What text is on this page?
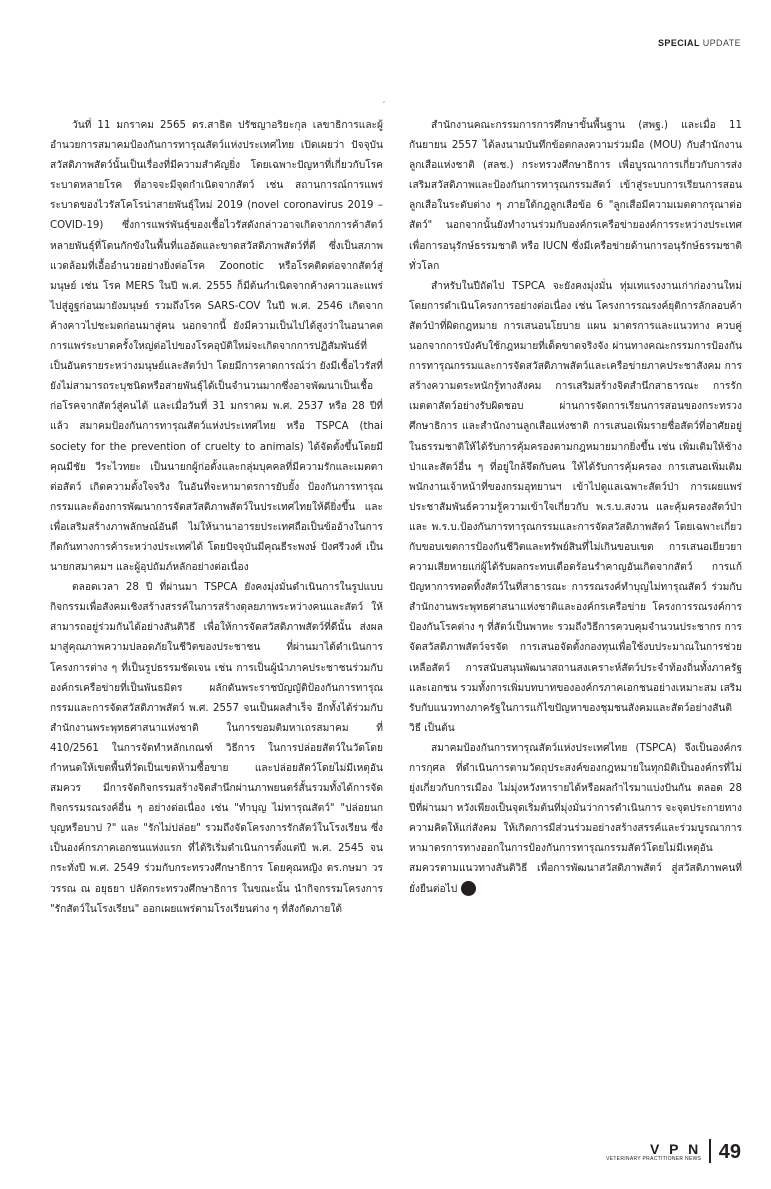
SPECIAL UPDATE
′

วันที่ 11 มกราคม 2565 ดร.สาธิต ปรัชญาอริยะกุล เลขาธิการและผู้อำนวยการสมาคมป้องกันการทารุณสัตว์แห่งประเทศไทย เปิดเผยว่า ปัจจุบันสวัสดิภาพสัตว์นั้นเป็นเรื่องที่มีความสำคัญยิ่ง โดยเฉพาะปัญหาที่เกี่ยวกับโรคระบาดหลายโรค ที่อาจจะมีจุดกำเนิดจากสัตว์ เช่น สถานการณ์การแพร่ระบาดของไวรัสโคโรน่าสายพันธุ์ใหม่ 2019 (novel coronavirus 2019 – COVID-19) ซึ่งการแพร่พันธุ์ของเชื้อไวรัสดังกล่าวอาจเกิดจากการค้าสัตว์หลายพันธุ์ที่โดนกักขังในพื้นที่แออัดและขาดสวัสดิภาพสัตว์ที่ดี ซึ่งเป็นสภาพแวดล้อมที่เอื้ออำนวยอย่างยิ่งต่อโรค Zoonotic หรือโรคติดต่อจากสัตว์สู่มนุษย์ เช่น โรค MERS ในปี พ.ศ. 2555 ก็มีต้นกำเนิดจากค้างคาวและแพร่ไปสู่อูฐก่อนมายังมนุษย์ รวมถึงโรค SARS-COV ในปี พ.ศ. 2546 เกิดจากค้างคาวไปชะมดก่อนมาสู่คน นอกจากนี้ ยังมีความเป็นไปได้สูงว่าในอนาคตการแพร่ระบาดครั้งใหญ่ต่อไปของโรคอุบัติใหม่จะเกิดจากการปฏิสัมพันธ์ที่เป็นอันตรายระหว่างมนุษย์และสัตว์ป่า โดยมีการคาดการณ์ว่า ยังมีเชื้อไวรัสที่ยังไม่สามารถระบุชนิดหรือสายพันธุ์ได้เป็นจำนวนมากซึ่งอาจพัฒนาเป็นเชื้อก่อโรคจากสัตว์สู่คนได้ และเมื่อวันที่ 31 มกราคม พ.ศ. 2537 หรือ 28 ปีที่แล้ว สมาคมป้องกันการทารุณสัตว์แห่งประเทศไทย หรือ TSPCA (thai society for the prevention of cruelty to animals) ได้จัดตั้งขึ้นโดยมีคุณมีชัย วีระไวทยะ เป็นนายกผู้ก่อตั้งและกลุ่มบุคคลที่มีความรักและเมตตาต่อสัตว์ เกิดความตั้งใจจริง ในอันที่จะหามาตรการยับยั้ง ป้องกันการทารุณกรรมและต้องการพัฒนาการจัดสวัสดิภาพสัตว์ในประเทศไทยให้ดียิ่งขึ้น และเพื่อเสริมสร้างภาพลักษณ์อันดี ไม่ให้นานาอารยประเทศถือเป็นข้ออ้างในการกีดกันทางการค้าระหว่างประเทศได้ โดยปัจจุบันมีคุณธีระพงษ์ ปังศรีวงศ์ เป็นนายกสมาคมฯ และผู้อุปถัมภ์หลักอย่างต่อเนื่อง

ตลอดเวลา 28 ปี ที่ผ่านมา TSPCA ยังคงมุ่งมั่นดำเนินการในรูปแบบกิจกรรมเพื่อสังคมเชิงสร้างสรรค์ในการสร้างดุลยภาพระหว่างคนและสัตว์ ให้สามารถอยู่ร่วมกันได้อย่างสันติวิธี เพื่อให้การจัดสวัสดิภาพสัตว์ที่ดีนั้น ส่งผลมาสู่คุณภาพความปลอดภัยในชีวิตของประชาชน ที่ผ่านมาได้ดำเนินการโครงการต่าง ๆ ที่เป็นรูปธรรมชัดเจน เช่น การเป็นผู้นำภาคประชาชนร่วมกับองค์กรเครือข่ายที่เป็นพันธมิตร ผลักดันพระราชบัญญัติป้องกันการทารุณกรรมและการจัดสวัสดิภาพสัตว์ พ.ศ. 2557 จนเป็นผลสำเร็จ อีกทั้งได้ร่วมกับสำนักงานพระพุทธศาสนาแห่งชาติ ในการขอมติมหาเถรสมาคม ที่ 410/2561 ในการจัดทำหลักเกณฑ์ วิธีการ ในการปล่อยสัตว์ในวัดโดยกำหนดให้เขตพื้นที่วัดเป็นเขตห้ามซื้อขาย และปล่อยสัตว์โดยไม่มีเหตุอันสมควร มีการจัดกิจกรรมสร้างจิตสำนึกผ่านภาพยนตร์สั้นรวมทั้งได้การจัดกิจกรรมรณรงค์อื่น ๆ อย่างต่อเนื่อง เช่น "ทำบุญ ไม่ทารุณสัตว์" "ปล่อยนก บุญหรือบาป ?" และ "รักไม่ปล่อย" รวมถึงจัดโครงการรักสัตว์ในโรงเรียน ซึ่งเป็นองค์กรภาคเอกชนแห่งแรก ที่ได้ริเริ่มดำเนินการตั้งแต่ปี พ.ศ. 2545 จนกระทั่งปี พ.ศ. 2549 ร่วมกับกระทรวงศึกษาธิการ โดยคุณหญิง ดร.กษมา วรวรรณ ณ อยุธยา ปลัดกระทรวงศึกษาธิการ ในขณะนั้น นำกิจกรรมโครงการ "รักสัตว์ในโรงเรียน" ออกเผยแพร่ตามโรงเรียนต่าง ๆ ที่สังกัดภายใต้

สำนักงานคณะกรรมการการศึกษาขั้นพื้นฐาน (สพฐ.) และเมื่อ 11 กันยายน 2557 ได้ลงนามบันทึกข้อตกลงความร่วมมือ (MOU) กับสำนักงานลูกเสือแห่งชาติ (สลช.) กระทรวงศึกษาธิการ เพื่อบูรณาการเกี่ยวกับการส่งเสริมสวัสดิภาพและป้องกันการทารุณกรรมสัตว์ เข้าสู่ระบบการเรียนการสอนลูกเสือในระดับต่าง ๆ ภายใต้กฎลูกเสือข้อ 6 "ลูกเสือมีความเมตตากรุณาต่อสัตว์" นอกจากนั้นยังทำงานร่วมกับองค์กรเครือข่ายองค์การระหว่างประเทศเพื่อการอนุรักษ์ธรรมชาติ หรือ IUCN ซึ่งมีเครือข่ายด้านการอนุรักษ์ธรรมชาติทั่วโลก

สำหรับในปีถัดไป TSPCA จะยังคงมุ่งมั่น ทุ่มเทแรงงานเก่าก่องานใหม่โดยการดำเนินโครงการอย่างต่อเนื่อง เช่น โครงการรณรงค์ยุติการลักลอบค้าสัตว์ป่าที่ผิดกฎหมาย การเสนอนโยบาย แผน มาตรการและแนวทาง ควบคู่นอกจากการบังคับใช้กฎหมายที่เด็ดขาดจริงจัง ผ่านทางคณะกรรมการป้องกันการทารุณกรรมและการจัดสวัสดิภาพสัตว์และเครือข่ายภาคประชาสังคม การสร้างความตระหนักรู้ทางสังคม การเสริมสร้างจิตสำนึกสาธารณะ การรักเมตตาสัตว์อย่างรับผิดชอบ ผ่านการจัดการเรียนการสอนของกระทรวงศึกษาธิการ และสำนักงานลูกเสือแห่งชาติ การเสนอเพิ่มรายชื่อสัตว์ที่อาศัยอยู่ในธรรมชาติให้ได้รับการคุ้มครองตามกฎหมายมากยิ่งขึ้น เช่น เพิ่มเติมให้ช้างป่าและสัตว์อื่น ๆ ที่อยู่ใกล้จึดกับคน ให้ได้รับการคุ้มครอง การเสนอเพิ่มเติมพนักงานเจ้าหน้าที่ของกรมอุทยานฯ เข้าไปดูแลเฉพาะสัตว์ป่า การเผยแพร่ประชาสัมพันธ์ความรู้ความเข้าใจเกี่ยวกับ พ.ร.บ.สงวน และคุ้มครองสัตว์ป่าและ พ.ร.บ.ป้องกันการทารุณกรรมและการจัดสวัสดิภาพสัตว์ โดยเฉพาะเกี่ยวกับขอบเขตการป้องกันชีวิตและทรัพย์สินที่ไม่เกินขอบเขต การเสนอเยียวยาความเสียหายแก่ผู้ได้รับผลกระทบเดือดร้อนรำคาญอันเกิดจากสัตว์ การแก้ปัญหาการทอดทิ้งสัตว์ในที่สาธารณะ การรณรงค์ทำบุญไม่ทารุณสัตว์ ร่วมกับสำนักงานพระพุทธศาสนาแห่งชาติและองค์กรเครือข่าย โครงการรณรงค์การป้องกันโรคต่าง ๆ ที่สัตว์เป็นพาหะ รวมถึงวิธีการควบคุมจำนวนประชากร การจัดสวัสดิภาพสัตว์จรจัด การเสนอจัดตั้งกองทุนเพื่อใช้งบประมาณในการช่วยเหลือสัตว์ การสนับสนุนพัฒนาสถานสงเคราะห์สัตว์ประจำท้องถิ่นทั้งภาครัฐและเอกชน รวมทั้งการเพิ่มบทบาทขององค์กรภาคเอกชนอย่างเหมาะสม เสริมรับกับแนวทางภาครัฐในการแก้ไขปัญหาของชุมชนสังคมและสัตว์อย่างสันติวิธี เป็นต้น

สมาคมป้องกันการทารุณสัตว์แห่งประเทศไทย (TSPCA) จึงเป็นองค์กรการกุศล ที่ดำเนินการตามวัตถุประสงค์ของกฎหมายในทุกมิติเป็นองค์กรที่ไม่ยุ่งเกี่ยวกับการเมือง ไม่มุ่งหวังหารายได้หรือผลกำไรมาแบ่งปันกัน ตลอด 28 ปีที่ผ่านมา หวังเพียงเป็นจุดเริ่มต้นที่มุ่งมั่นว่าการดำเนินการ จะจุดประกายทางความคิดให้แก่สังคม ให้เกิดการมีส่วนร่วมอย่างสร้างสรรค์และร่วมบูรณาการ หามาตรการทางออกในการป้องกันการทารุณกรรมสัตว์โดยไม่มีเหตุอันสมควรตามแนวทางสันติวิธี เพื่อการพัฒนาสวัสดิภาพสัตว์ สู่สวัสดิภาพคนที่ยั่งยืนต่อไป	VPN

V P N
VETERINARY PRACTITIONER NEWS 49
